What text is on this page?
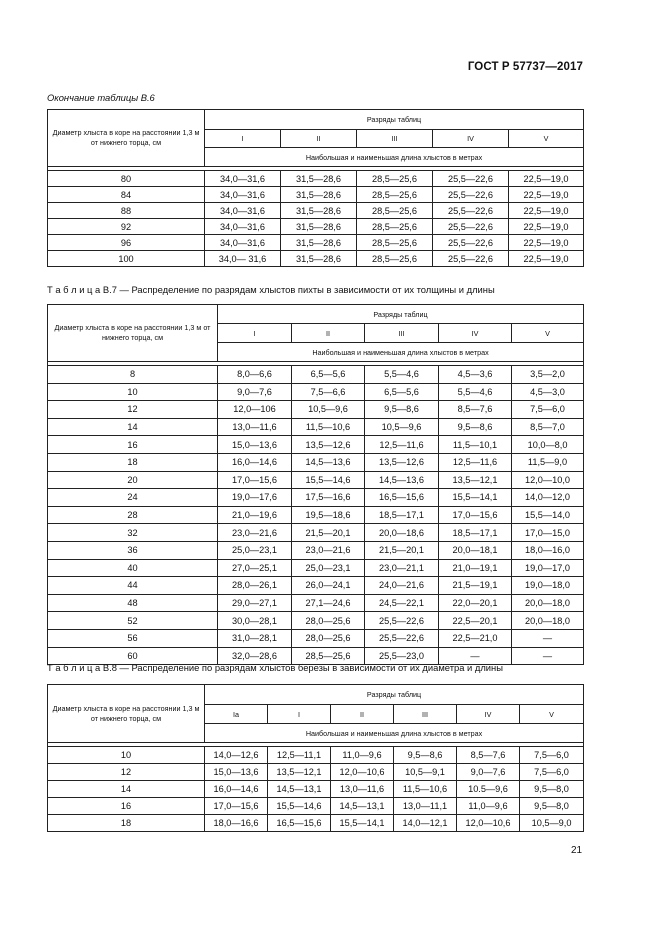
ГОСТ Р 57737—2017
Окончание таблицы В.6
Диаметр хлыста в коре на расстоянии 1,3 м от нижнего торца, см	Разряды таблиц				
	I	II	III	IV	V
	Наибольшая и наименьшая длина хлыстов в метрах				

80	34,0—31,6	31,5—28,6	28,5—25,6	25,5—22,6	22,5—19,0
84	34,0—31,6	31,5—28,6	28,5—25,6	25,5—22,6	22,5—19,0
88	34,0—31,6	31,5—28,6	28,5—25,6	25,5—22,6	22,5—19,0
92	34,0—31,6	31,5—28,6	28,5—25,6	25,5—22,6	22,5—19,0
96	34,0—31,6	31,5—28,6	28,5—25,6	25,5—22,6	22,5—19,0
100	34,0— 31,6	31,5—28,6	28,5—25,6	25,5—22,6	22,5—19,0
Т а б л и ц а В.7 — Распределение по разрядам хлыстов пихты в зависимости от их толщины и длины
Диаметр хлыста в коре на расстоянии 1,3 м от нижнего торца, см	Разряды таблиц				
	I	II	III	IV	V
	Наибольшая и наименьшая длина хлыстов в метрах				

8	8,0—6,6	6,5—5,6	5,5—4,6	4,5—3,6	3,5—2,0
10	9,0—7,6	7,5—6,6	6,5—5,6	5,5—4,6	4,5—3,0
12	12,0—106	10,5—9,6	9,5—8,6	8,5—7,6	7,5—6,0
14	13,0—11,6	11,5—10,6	10,5—9,6	9,5—8,6	8,5—7,0
16	15,0—13,6	13,5—12,6	12,5—11,6	11,5—10,1	10,0—8,0
18	16,0—14,6	14,5—13,6	13,5—12,6	12,5—11,6	11,5—9,0
20	17,0—15,6	15,5—14,6	14,5—13,6	13,5—12,1	12,0—10,0
24	19,0—17,6	17,5—16,6	16,5—15,6	15,5—14,1	14,0—12,0
28	21,0—19,6	19,5—18,6	18,5—17,1	17,0—15,6	15,5—14,0
32	23,0—21,6	21,5—20,1	20,0—18,6	18,5—17,1	17,0—15,0
36	25,0—23,1	23,0—21,6	21,5—20,1	20,0—18,1	18,0—16,0
40	27,0—25,1	25,0—23,1	23,0—21,1	21,0—19,1	19,0—17,0
44	28,0—26,1	26,0—24,1	24,0—21,6	21,5—19,1	19,0—18,0
48	29,0—27,1	27,1—24,6	24,5—22,1	22,0—20,1	20,0—18,0
52	30,0—28,1	28,0—25,6	25,5—22,6	22,5—20,1	20,0—18,0
56	31,0—28,1	28,0—25,6	25,5—22,6	22,5—21,0	—
60	32,0—28,6	28,5—25,6	25,5—23,0	—	—
Т а б л и ц а В.8 — Распределение по разрядам хлыстов березы в зависимости от их диаметра и длины
Диаметр хлыста в коре на расстоянии 1,3 м от нижнего торца, см	Разряды таблиц					
	Ia	I	II	III	IV	V
	Наибольшая и наименьшая длина хлыстов в метрах					

10	14,0—12,6	12,5—11,1	11,0—9,6	9,5—8,6	8,5—7,6	7,5—6,0
12	15,0—13,6	13,5—12,1	12,0—10,6	10,5—9,1	9,0—7,6	7,5—6,0
14	16,0—14,6	14,5—13,1	13,0—11,6	11,5—10,6	10.5—9,6	9,5—8,0
16	17,0—15,6	15,5—14,6	14,5—13,1	13,0—11,1	11,0—9,6	9,5—8,0
18	18,0—16,6	16,5—15,6	15,5—14,1	14,0—12,1	12,0—10,6	10,5—9,0
21
